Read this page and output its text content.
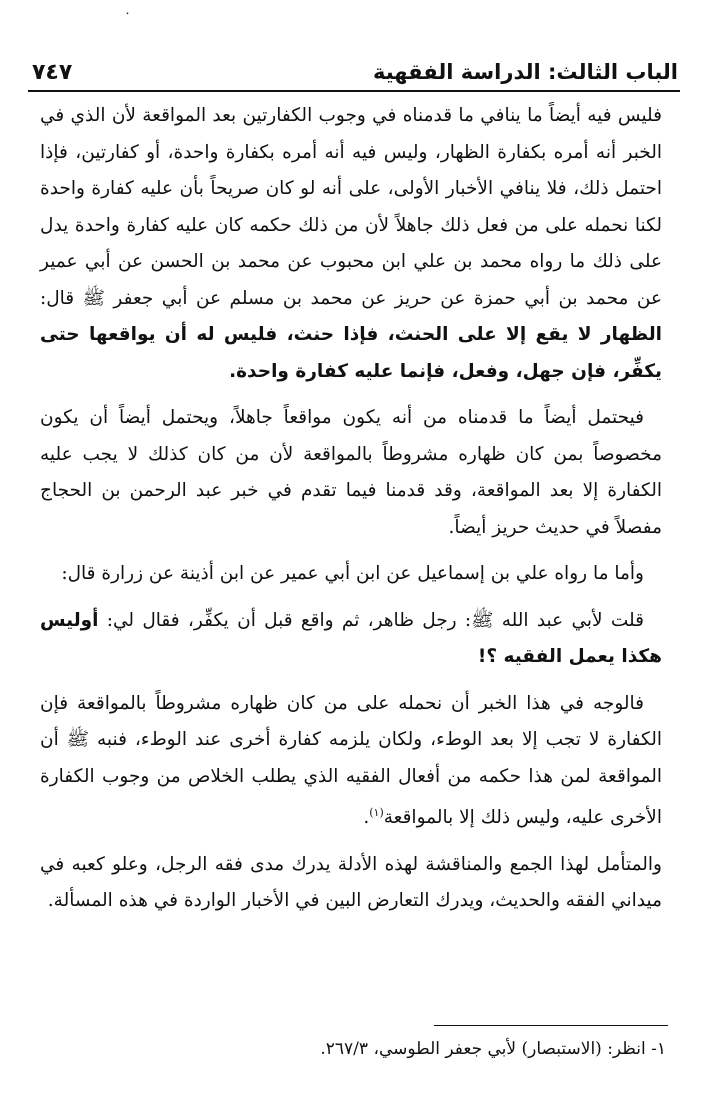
٠
٧٤٧	الباب الثالث: الدراسة الفقهية

فليس فيه أيضاً ما ينافي ما قدمناه في وجوب الكفارتين بعد المواقعة لأن الذي في الخبر أنه أمره بكفارة الظهار، وليس فيه أنه أمره بكفارة واحدة، أو كفارتين، فإذا احتمل ذلك، فلا ينافي الأخبار الأولى، على أنه لو كان صريحاً بأن عليه كفارة واحدة لكنا نحمله على من فعل ذلك جاهلاً لأن من ذلك حكمه كان عليه كفارة واحدة يدل على ذلك ما رواه محمد بن علي ابن محبوب عن محمد بن الحسن عن أبي عمير عن محمد بن أبي حمزة عن حريز عن محمد بن مسلم عن أبي جعفر ﷺ قال: الظهار لا يقع إلا على الحنث، فإذا حنث، فليس له أن يواقعها حتى يكفِّر، فإن جهل، وفعل، فإنما عليه كفارة واحدة.

فيحتمل أيضاً ما قدمناه من أنه يكون مواقعاً جاهلاً، ويحتمل أيضاً أن يكون مخصوصاً بمن كان ظهاره مشروطاً بالمواقعة لأن من كان كذلك لا يجب عليه الكفارة إلا بعد المواقعة، وقد قدمنا فيما تقدم في خبر عبد الرحمن بن الحجاج مفصلاً في حديث حريز أيضاً.

وأما ما رواه علي بن إسماعيل عن ابن أبي عمير عن ابن أذينة عن زرارة قال:

قلت لأبي عبد الله ﷺ: رجل ظاهر، ثم واقع قبل أن يكفِّر، فقال لي: أوليس هكذا يعمل الفقيه ؟!

فالوجه في هذا الخبر أن نحمله على من كان ظهاره مشروطاً بالمواقعة فإن الكفارة لا تجب إلا بعد الوطء، ولكان يلزمه كفارة أخرى عند الوطء، فنبه ﷺ أن المواقعة لمن هذا حكمه من أفعال الفقيه الذي يطلب الخلاص من وجوب الكفارة الأخرى عليه، وليس ذلك إلا بالمواقعة$^{(١)}$.

والمتأمل لهذا الجمع والمناقشة لهذه الأدلة يدرك مدى فقه الرجل، وعلو كعبه في ميداني الفقه والحديث، ويدرك التعارض البين في الأخبار الواردة في هذه المسألة.

١- انظر: (الاستبصار) لأبي جعفر الطوسي، ٢٦٧/٣.
